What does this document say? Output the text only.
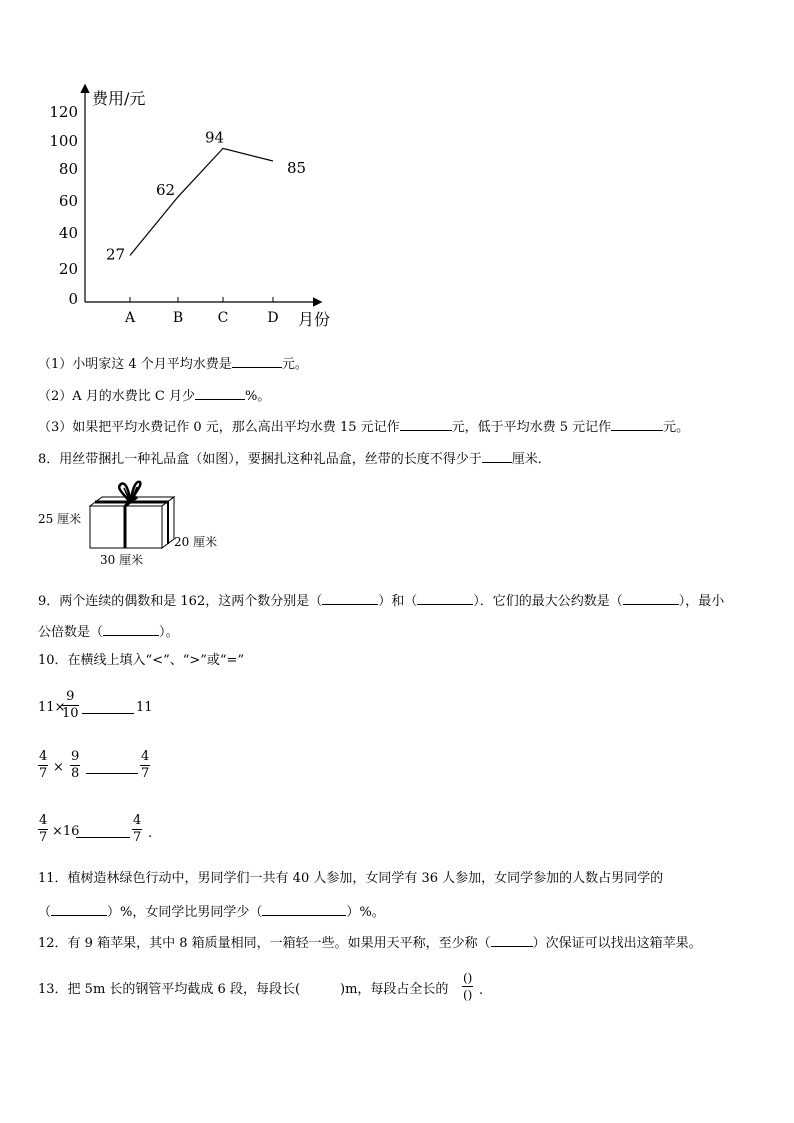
费用/元
月份
120
100
80
60
40
20
0
A	B C	D
27
62
94
85
（1）小明家这 4 个月平均水费是	元。
（2）A 月的水费比 C 月少	%。
（3）如果把平均水费记作 0 元，那么高出平均水费 15 元记作	元，低于平均水费 5 元记作	元。
8．用丝带捆扎一种礼品盒（如图），要捆扎这种礼品盒，丝带的长度不得少于 厘米．
25 厘米
20 厘米
30 厘米
9．两个连续的偶数和是 162，这两个数分别是（	）和（	）．它们的最大公约数是（	），最小
公倍数是（	）。
10．在横线上填入“<”、“>”或“=”
11×
$\frac{9}{10}$	11
$\frac{4}{7} \times \frac{9}{8}$	$\frac{4}{7}$
$\frac{4}{7} \times 16$	$\frac{4}{7}$ .
11．植树造林绿色行动中，男同学们一共有 40 人参加，女同学有 36 人参加，女同学参加的人数占男同学的
（	）%，女同学比男同学少（	）%。
12．有 9 箱苹果，其中 8 箱质量相同，一箱轻一些。如果用天平称，至少称（	）次保证可以找出这箱苹果。
13．把 5m 长的钢管平均截成 6 段，每段长(	)m，每段占全长的
()
() .
